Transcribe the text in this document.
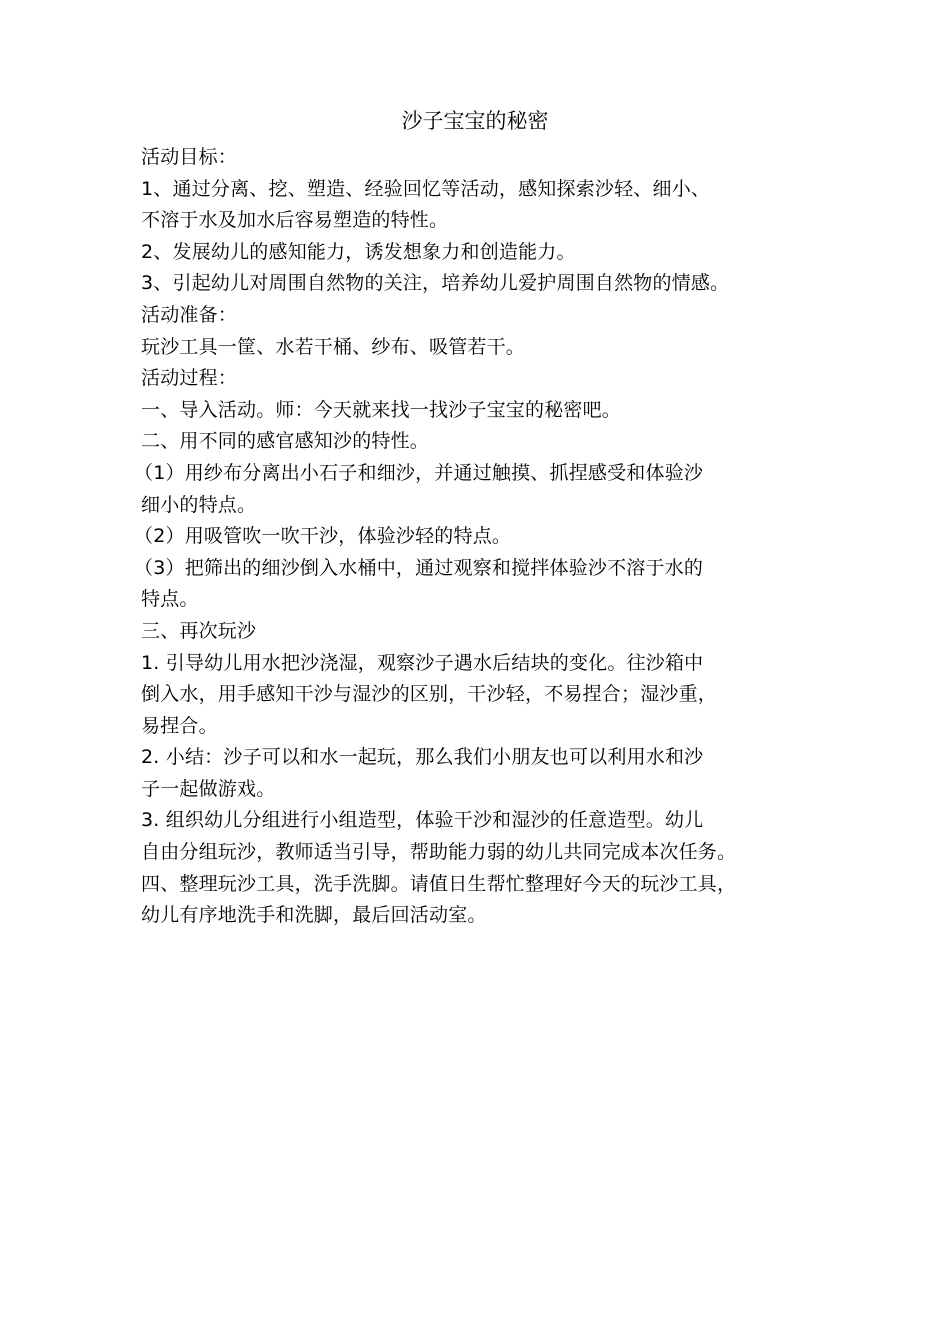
沙子宝宝的秘密
活动目标：
1、通过分离、挖、塑造、经验回忆等活动，感知探索沙轻、细小、
不溶于水及加水后容易塑造的特性。
2、发展幼儿的感知能力，诱发想象力和创造能力。
3、引起幼儿对周围自然物的关注，培养幼儿爱护周围自然物的情感。
活动准备：
玩沙工具一筐、水若干桶、纱布、吸管若干。
活动过程：
一、导入活动。师：今天就来找一找沙子宝宝的秘密吧。
二、用不同的感官感知沙的特性。
（1）用纱布分离出小石子和细沙，并通过触摸、抓捏感受和体验沙
细小的特点。
（2）用吸管吹一吹干沙，体验沙轻的特点。
（3）把筛出的细沙倒入水桶中，通过观察和搅拌体验沙不溶于水的
特点。
三、再次玩沙
1. 引导幼儿用水把沙浇湿，观察沙子遇水后结块的变化。往沙箱中
倒入水，用手感知干沙与湿沙的区别，干沙轻，不易捏合；湿沙重，
易捏合。
2. 小结：沙子可以和水一起玩，那么我们小朋友也可以利用水和沙
子一起做游戏。
3. 组织幼儿分组进行小组造型，体验干沙和湿沙的任意造型。幼儿
自由分组玩沙，教师适当引导，帮助能力弱的幼儿共同完成本次任务。
四、整理玩沙工具，洗手洗脚。请值日生帮忙整理好今天的玩沙工具，
幼儿有序地洗手和洗脚，最后回活动室。
